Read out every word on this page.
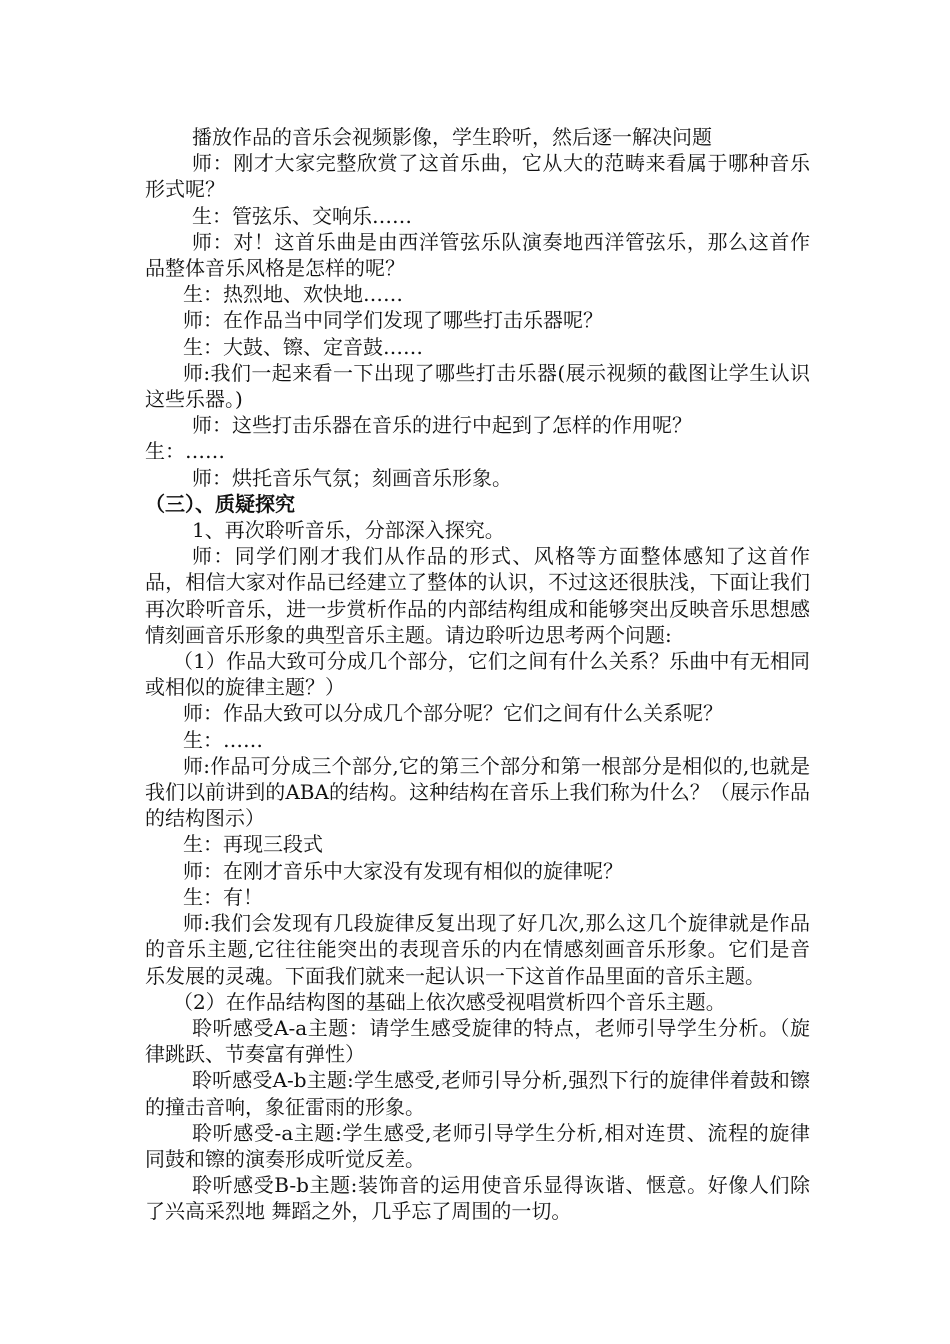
播放作品的音乐会视频影像，学生聆听，然后逐一解决问题

师：刚才大家完整欣赏了这首乐曲，它从大的范畴来看属于哪种音乐形式呢？

生：管弦乐、交响乐……

师：对！这首乐曲是由西洋管弦乐队演奏地西洋管弦乐，那么这首作品整体音乐风格是怎样的呢？

生：热烈地、欢快地……

师：在作品当中同学们发现了哪些打击乐器呢？

生：大鼓、镲、定音鼓……

师:我们一起来看一下出现了哪些打击乐器(展示视频的截图让学生认识这些乐器。)

师：这些打击乐器在音乐的进行中起到了怎样的作用呢？

生：……

师：烘托音乐气氛；刻画音乐形象。

（三）、质疑探究

1、再次聆听音乐，分部深入探究。

师：同学们刚才我们从作品的形式、风格等方面整体感知了这首作品，相信大家对作品已经建立了整体的认识，不过这还很肤浅，下面让我们再次聆听音乐，进一步赏析作品的内部结构组成和能够突出反映音乐思想感情刻画音乐形象的典型音乐主题。请边聆听边思考两个问题:

（1）作品大致可分成几个部分，它们之间有什么关系？乐曲中有无相同或相似的旋律主题？）

师：作品大致可以分成几个部分呢？它们之间有什么关系呢？

生：……

师:作品可分成三个部分,它的第三个部分和第一根部分是相似的,也就是我们以前讲到的ABA的结构。这种结构在音乐上我们称为什么？（展示作品的结构图示）

生：再现三段式

师：在刚才音乐中大家没有发现有相似的旋律呢？

生：有！

师:我们会发现有几段旋律反复出现了好几次,那么这几个旋律就是作品的音乐主题,它往往能突出的表现音乐的内在情感刻画音乐形象。它们是音乐发展的灵魂。下面我们就来一起认识一下这首作品里面的音乐主题。

（2）在作品结构图的基础上依次感受视唱赏析四个音乐主题。

聆听感受A-a主题：请学生感受旋律的特点，老师引导学生分析。（旋律跳跃、节奏富有弹性）

聆听感受A-b主题:学生感受,老师引导分析,强烈下行的旋律伴着鼓和镲的撞击音响，象征雷雨的形象。

聆听感受-a主题:学生感受,老师引导学生分析,相对连贯、流程的旋律同鼓和镲的演奏形成听觉反差。

聆听感受B-b主题:装饰音的运用使音乐显得诙谐、惬意。好像人们除了兴高采烈地 舞蹈之外，几乎忘了周围的一切。
